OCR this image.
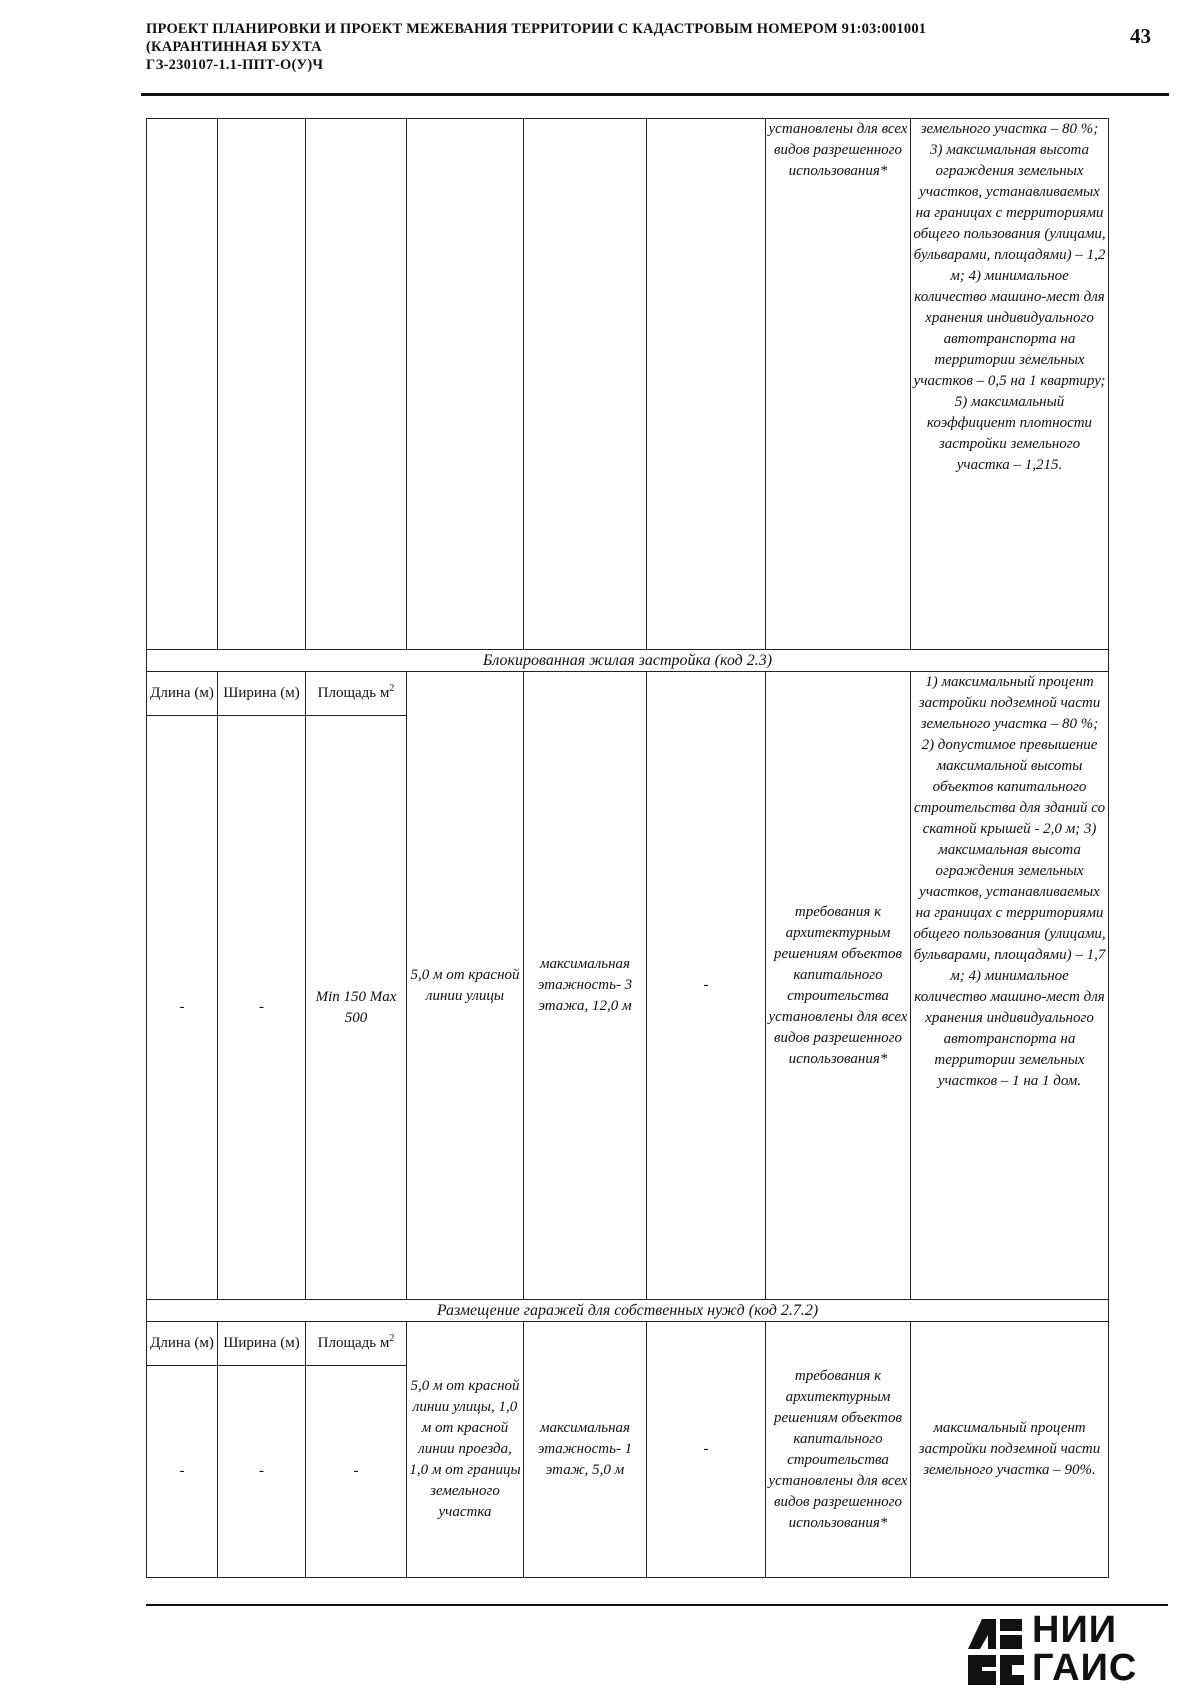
ПРОЕКТ ПЛАНИРОВКИ И ПРОЕКТ МЕЖЕВАНИЯ ТЕРРИТОРИИ С КАДАСТРОВЫМ НОМЕРОМ 91:03:001001
(КАРАНТИННАЯ БУХТА
ГЗ-230107-1.1-ППТ-О(У)Ч
43
						установлены для всех видов разрешенного использования*	земельного участка – 80 %; 3) максимальная высота ограждения земельных участков, устанавливаемых на границах с территориями общего пользования (улицами, бульварами, площадями) – 1,2 м; 4) минимальное количество машино-мест для хранения индивидуального автотранспорта на территории земельных участков – 0,5 на 1 квартиру; 5) максимальный коэффициент плотности застройки земельного участка – 1,215.
Блокированная жилая застройка (код 2.3)							
Длина (м)	Ширина (м)	Площадь $м^2$	5,0 м от красной линии улицы	максимальная этажность- 3 этажа, 12,0 м	-	требования к архитектурным решениям объектов капитального строительства установлены для всех видов разрешенного использования*	1) максимальный процент застройки подземной части земельного участка – 80 %; 2) допустимое превышение максимальной высоты объектов капитального строительства для зданий со скатной крышей - 2,0 м; 3) максимальная высота ограждения земельных участков, устанавливаемых на границах с территориями общего пользования (улицами, бульварами, площадями) – 1,7 м; 4) минимальное количество машино-мест для хранения индивидуального автотранспорта на территории земельных участков – 1 на 1 дом.
-	-	Min 150 Max 500					
Размещение гаражей для собственных нужд (код 2.7.2)							
Длина (м)	Ширина (м)	Площадь $м^2$	5,0 м от красной линии улицы, 1,0 м от красной линии проезда, 1,0 м от границы земельного участка	максимальная этажность- 1 этаж, 5,0 м	-	требования к архитектурным решениям объектов капитального строительства установлены для всех видов разрешенного использования*	максимальный процент застройки подземной части земельного участка – 90%.
-	-	-					
НИИ
ГАИС
